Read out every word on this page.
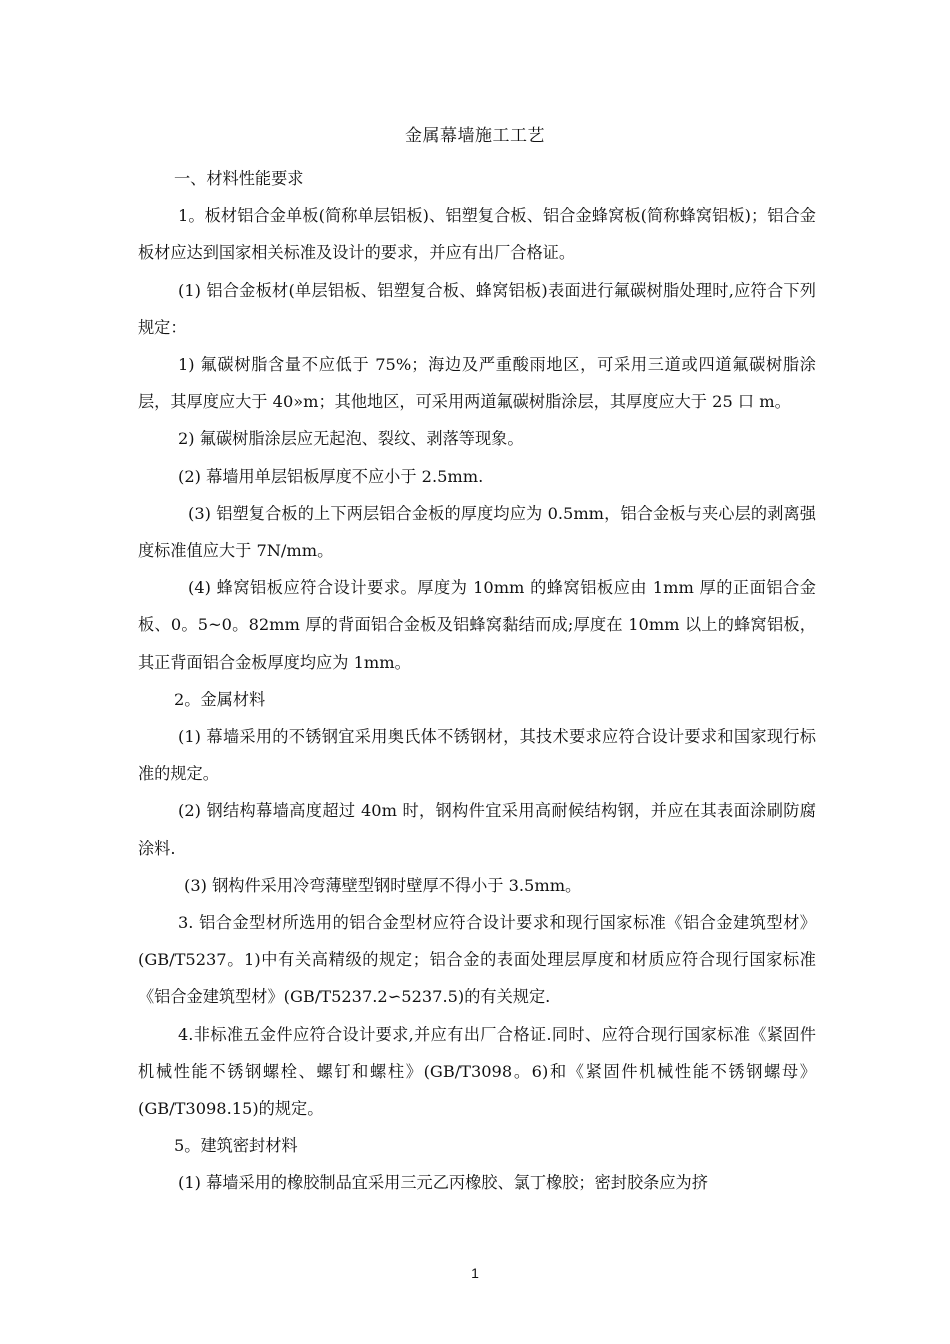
金属幕墙施工工艺

一、材料性能要求

1。板材铝合金单板(简称单层铝板)、铝塑复合板、铝合金蜂窝板(简称蜂窝铝板)；铝合金板材应达到国家相关标准及设计的要求，并应有出厂合格证。

(1) 铝合金板材(单层铝板、铝塑复合板、蜂窝铝板)表面进行氟碳树脂处理时,应符合下列规定：

1) 氟碳树脂含量不应低于 75%；海边及严重酸雨地区，可采用三道或四道氟碳树脂涂层，其厚度应大于 40»m；其他地区，可采用两道氟碳树脂涂层，其厚度应大于 25 口 m。

2) 氟碳树脂涂层应无起泡、裂纹、剥落等现象。

(2) 幕墙用单层铝板厚度不应小于 2.5mm.

(3) 铝塑复合板的上下两层铝合金板的厚度均应为 0.5mm，铝合金板与夹心层的剥离强度标准值应大于 7N/mm。

(4) 蜂窝铝板应符合设计要求。厚度为 10mm 的蜂窝铝板应由 1mm 厚的正面铝合金板、0。5~0。82mm 厚的背面铝合金板及铝蜂窝黏结而成;厚度在 10mm 以上的蜂窝铝板，其正背面铝合金板厚度均应为 1mm。

2。金属材料

(1) 幕墙采用的不锈钢宜采用奥氏体不锈钢材，其技术要求应符合设计要求和国家现行标准的规定。

(2) 钢结构幕墙高度超过 40m 时，钢构件宜采用高耐候结构钢，并应在其表面涂刷防腐涂料.

(3) 钢构件采用冷弯薄壁型钢时壁厚不得小于 3.5mm。

3. 铝合金型材所选用的铝合金型材应符合设计要求和现行国家标准《铝合金建筑型材》(GB/T5237。1)中有关高精级的规定；铝合金的表面处理层厚度和材质应符合现行国家标准《铝合金建筑型材》(GB/T5237.2∽5237.5)的有关规定.

4.非标准五金件应符合设计要求,并应有出厂合格证.同时、应符合现行国家标准《紧固件机械性能不锈钢螺栓、螺钉和螺柱》(GB/T3098。6)和《紧固件机械性能不锈钢螺母》(GB/T3098.15)的规定。

5。建筑密封材料

(1) 幕墙采用的橡胶制品宜采用三元乙丙橡胶、氯丁橡胶；密封胶条应为挤

1
